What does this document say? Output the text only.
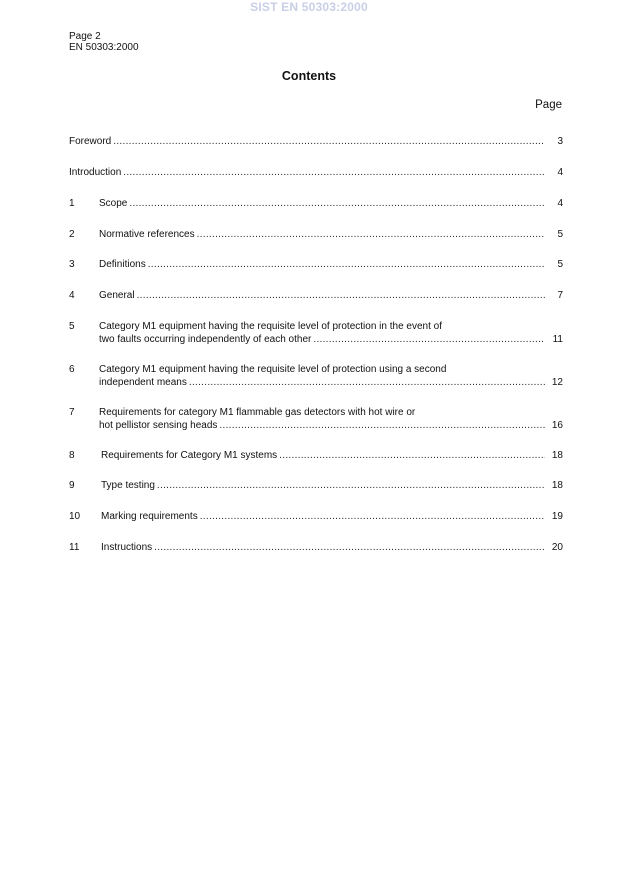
SIST EN 50303:2000
Page 2
EN 50303:2000
Contents
Page
Foreword .....	3
Introduction .....	4
1 Scope .....	4
2 Normative references .....	5
3 Definitions .....	5
4 General .....	7
5 Category M1 equipment having the requisite level of protection in the event of
two faults occurring independently of each other .....	11
6 Category M1 equipment having the requisite level of protection using a second
independent means .....	12
7 Requirements for category M1 flammable gas detectors with hot wire or
hot pellistor sensing heads .....	16
8	Requirements for Category M1 systems .....	18
9	Type testing .....	18
10 Marking requirements .....	19
11 Instructions .....	20
